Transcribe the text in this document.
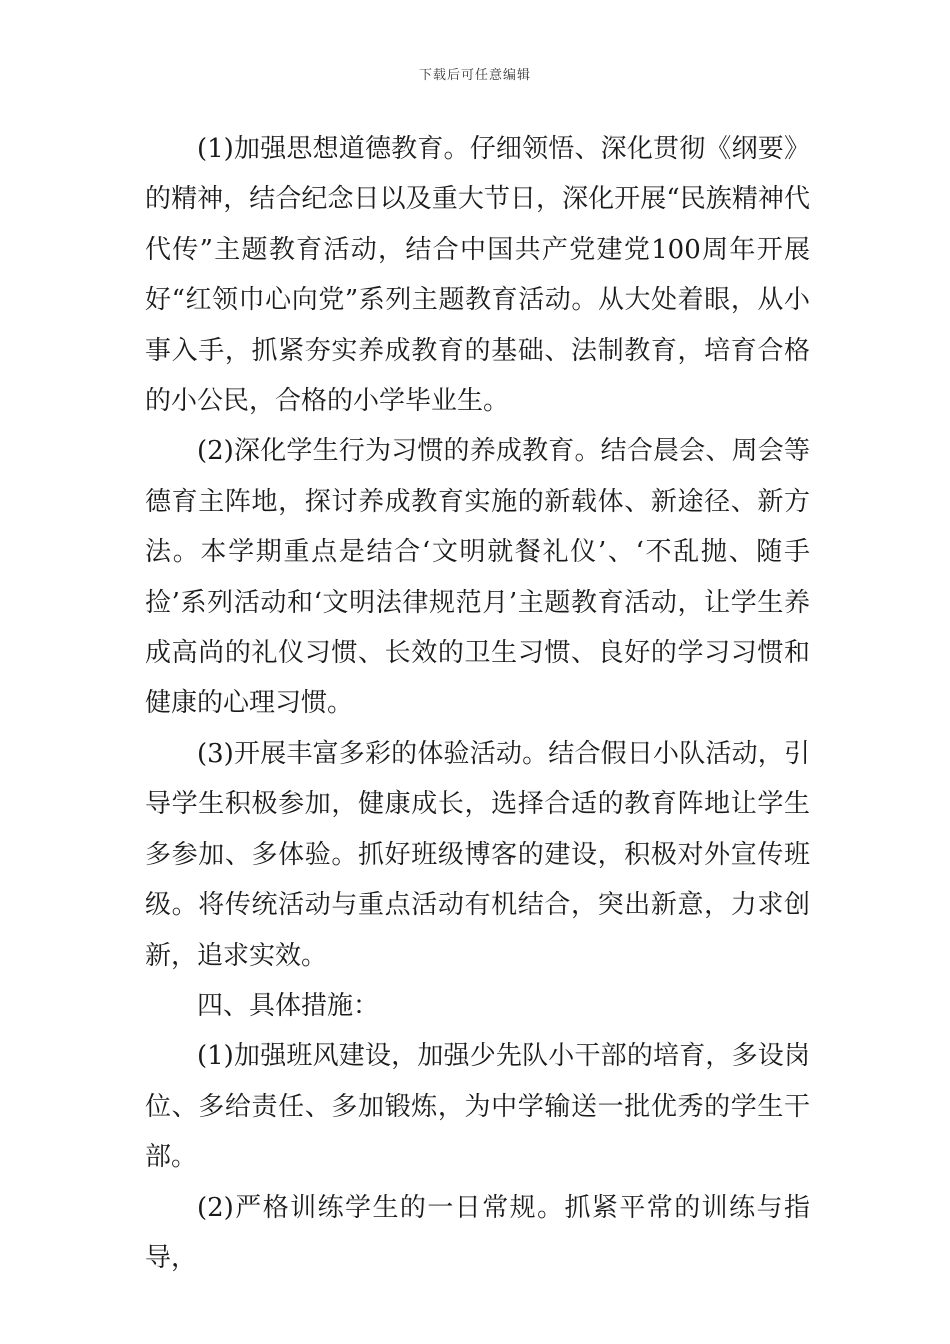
下载后可任意编辑

(1)加强思想道德教育。仔细领悟、深化贯彻《纲要》的精神，结合纪念日以及重大节日，深化开展“民族精神代代传”主题教育活动，结合中国共产党建党100周年开展好“红领巾心向党”系列主题教育活动。从大处着眼，从小事入手，抓紧夯实养成教育的基础、法制教育，培育合格的小公民，合格的小学毕业生。

(2)深化学生行为习惯的养成教育。结合晨会、周会等德育主阵地，探讨养成教育实施的新载体、新途径、新方法。本学期重点是结合‘文明就餐礼仪’、‘不乱抛、随手捡’系列活动和‘文明法律规范月’主题教育活动，让学生养成高尚的礼仪习惯、长效的卫生习惯、良好的学习习惯和健康的心理习惯。

(3)开展丰富多彩的体验活动。结合假日小队活动，引导学生积极参加，健康成长，选择合适的教育阵地让学生多参加、多体验。抓好班级博客的建设，积极对外宣传班级。将传统活动与重点活动有机结合，突出新意，力求创新，追求实效。

四、具体措施：

(1)加强班风建设，加强少先队小干部的培育，多设岗位、多给责任、多加锻炼，为中学输送一批优秀的学生干部。

(2)严格训练学生的一日常规。抓紧平常的训练与指导，
